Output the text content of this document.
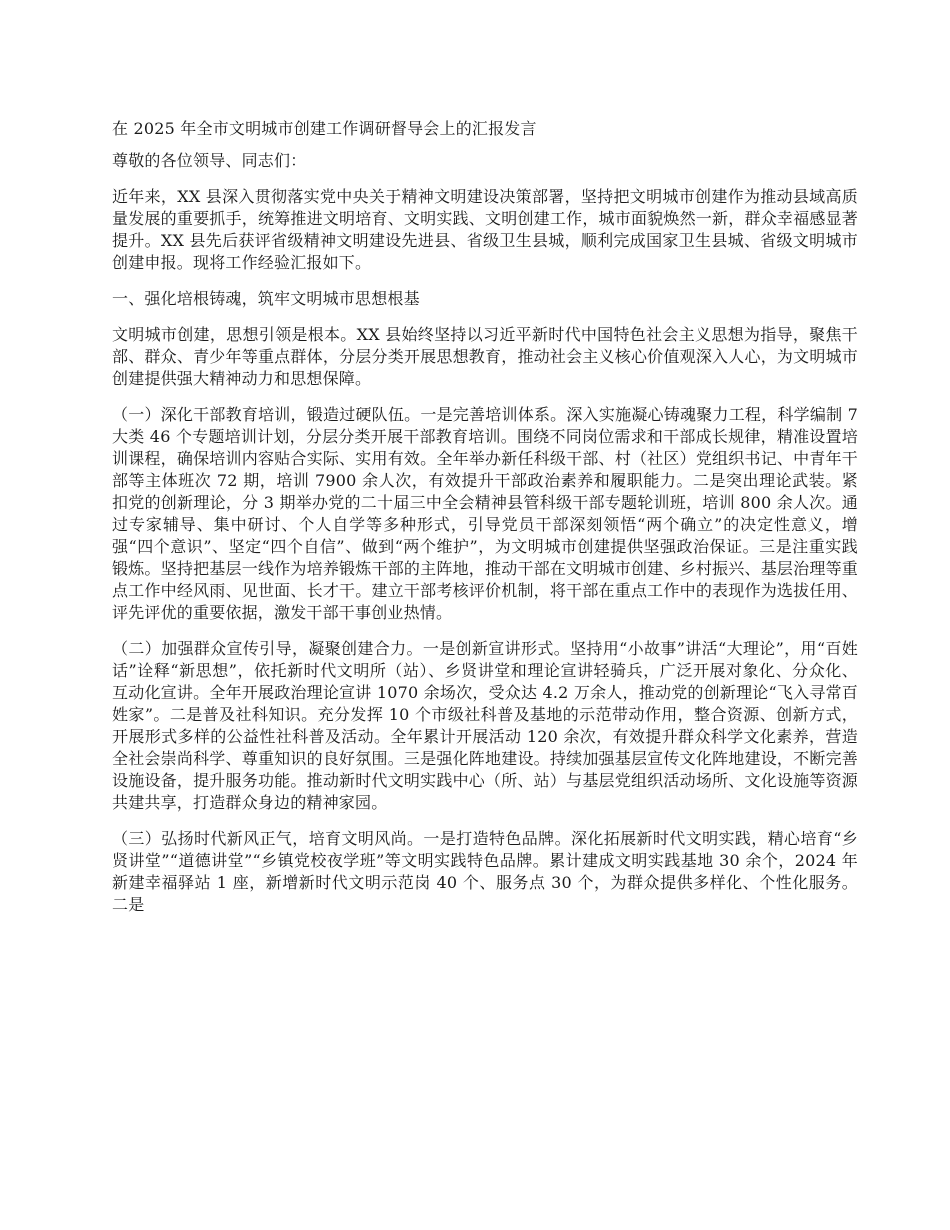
在 2025 年全市文明城市创建工作调研督导会上的汇报发言

尊敬的各位领导、同志们：

近年来，XX 县深入贯彻落实党中央关于精神文明建设决策部署，坚持把文明城市创建作为推动县域高质量发展的重要抓手，统筹推进文明培育、文明实践、文明创建工作，城市面貌焕然一新，群众幸福感显著提升。XX 县先后获评省级精神文明建设先进县、省级卫生县城，顺利完成国家卫生县城、省级文明城市创建申报。现将工作经验汇报如下。

一、强化培根铸魂，筑牢文明城市思想根基

文明城市创建，思想引领是根本。XX 县始终坚持以习近平新时代中国特色社会主义思想为指导，聚焦干部、群众、青少年等重点群体，分层分类开展思想教育，推动社会主义核心价值观深入人心，为文明城市创建提供强大精神动力和思想保障。

（一）深化干部教育培训，锻造过硬队伍。一是完善培训体系。深入实施凝心铸魂聚力工程，科学编制 7 大类 46 个专题培训计划，分层分类开展干部教育培训。围绕不同岗位需求和干部成长规律，精准设置培训课程，确保培训内容贴合实际、实用有效。全年举办新任科级干部、村（社区）党组织书记、中青年干部等主体班次 72 期，培训 7900 余人次，有效提升干部政治素养和履职能力。二是突出理论武装。紧扣党的创新理论，分 3 期举办党的二十届三中全会精神县管科级干部专题轮训班，培训 800 余人次。通过专家辅导、集中研讨、个人自学等多种形式，引导党员干部深刻领悟“两个确立”的决定性意义，增强“四个意识”、坚定“四个自信”、做到“两个维护”，为文明城市创建提供坚强政治保证。三是注重实践锻炼。坚持把基层一线作为培养锻炼干部的主阵地，推动干部在文明城市创建、乡村振兴、基层治理等重点工作中经风雨、见世面、长才干。建立干部考核评价机制，将干部在重点工作中的表现作为选拔任用、评先评优的重要依据，激发干部干事创业热情。

（二）加强群众宣传引导，凝聚创建合力。一是创新宣讲形式。坚持用“小故事”讲活“大理论”，用“百姓话”诠释“新思想”，依托新时代文明所（站）、乡贤讲堂和理论宣讲轻骑兵，广泛开展对象化、分众化、互动化宣讲。全年开展政治理论宣讲 1070 余场次，受众达 4.2 万余人，推动党的创新理论“飞入寻常百姓家”。二是普及社科知识。充分发挥 10 个市级社科普及基地的示范带动作用，整合资源、创新方式，开展形式多样的公益性社科普及活动。全年累计开展活动 120 余次，有效提升群众科学文化素养，营造全社会崇尚科学、尊重知识的良好氛围。三是强化阵地建设。持续加强基层宣传文化阵地建设，不断完善设施设备，提升服务功能。推动新时代文明实践中心（所、站）与基层党组织活动场所、文化设施等资源共建共享，打造群众身边的精神家园。

（三）弘扬时代新风正气，培育文明风尚。一是打造特色品牌。深化拓展新时代文明实践，精心培育“乡贤讲堂”“道德讲堂”“乡镇党校夜学班”等文明实践特色品牌。累计建成文明实践基地 30 余个，2024 年新建幸福驿站 1 座，新增新时代文明示范岗 40 个、服务点 30 个，为群众提供多样化、个性化服务。二是
